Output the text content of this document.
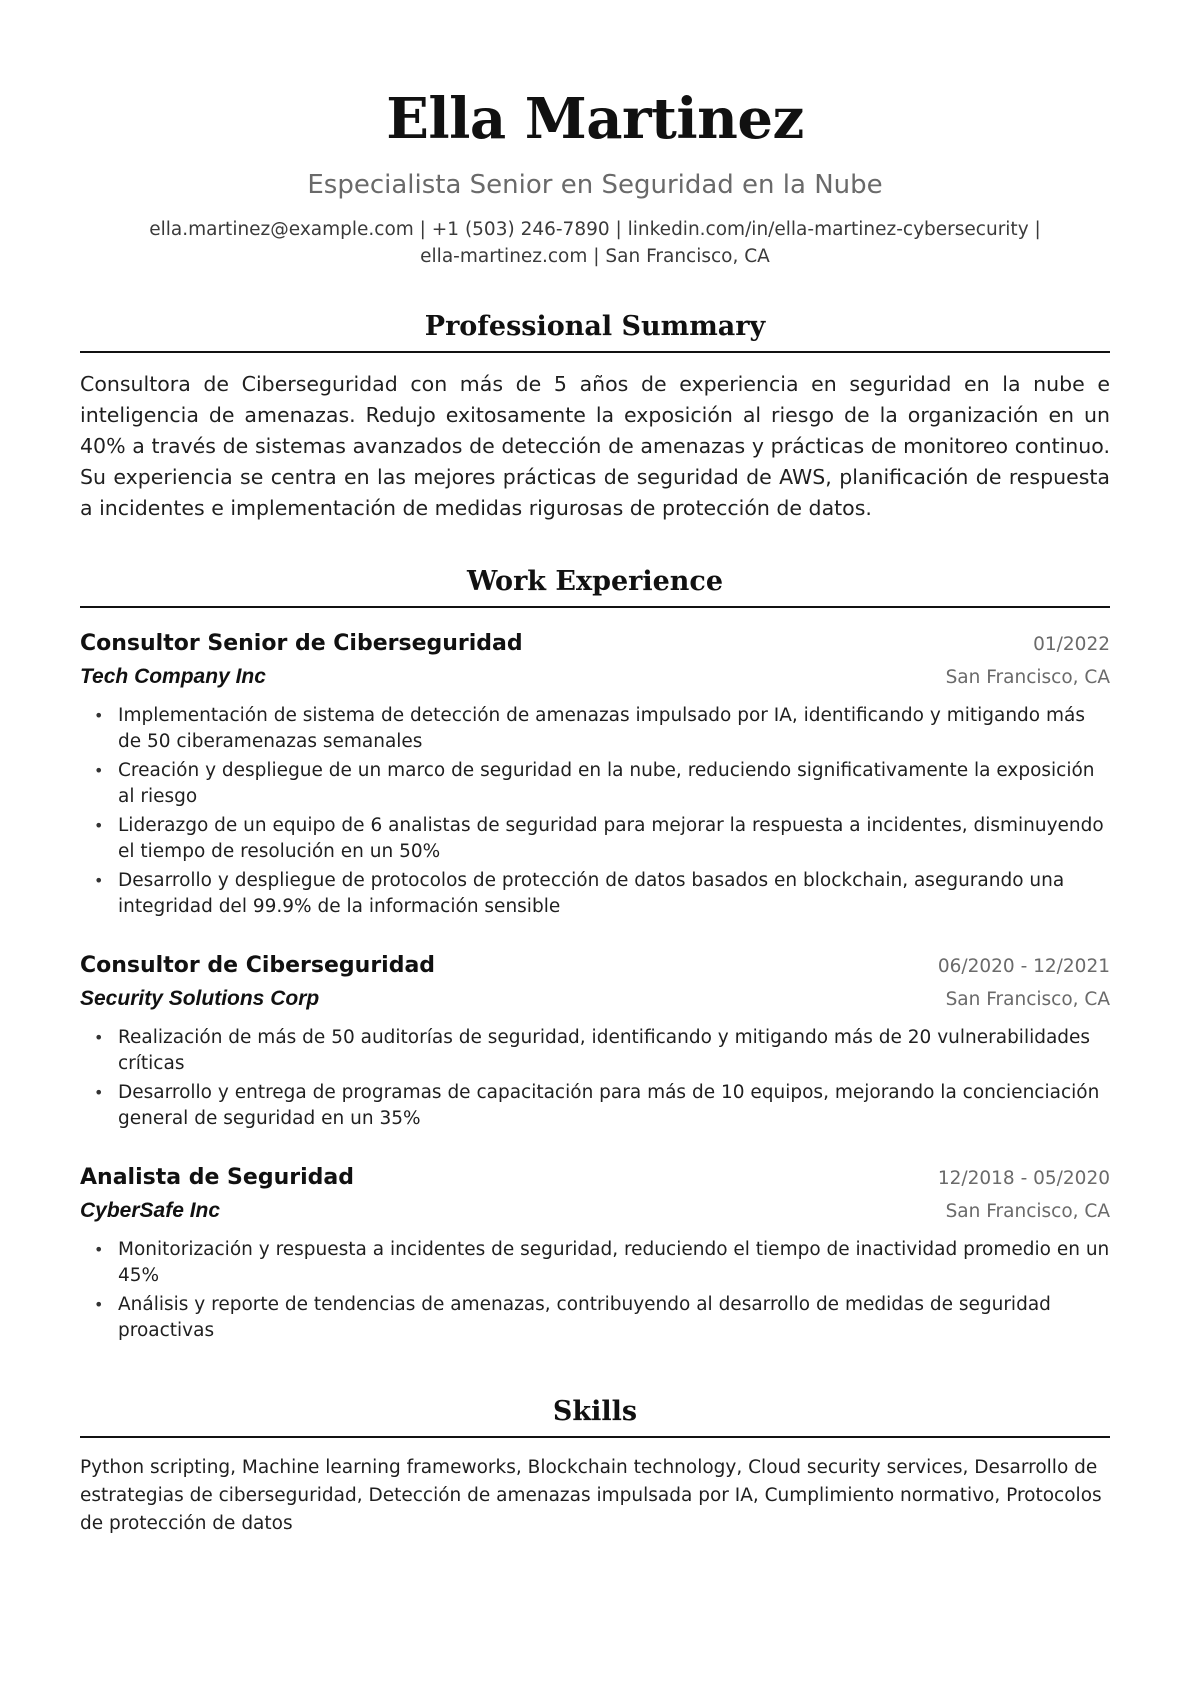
Ella Martinez
Especialista Senior en Seguridad en la Nube
ella.martinez@example.com | +1 (503) 246-7890 | linkedin.com/in/ella-martinez-cybersecurity |
ella-martinez.com | San Francisco, CA
Professional Summary

Consultora de Ciberseguridad con más de 5 años de experiencia en seguridad en la nube e inteligencia de amenazas. Redujo exitosamente la exposición al riesgo de la organización en un 40% a través de sistemas avanzados de detección de amenazas y prácticas de monitoreo continuo. Su experiencia se centra en las mejores prácticas de seguridad de AWS, planificación de respuesta a incidentes e implementación de medidas rigurosas de protección de datos.

Work Experience
Consultor Senior de Ciberseguridad	01/2022
Tech Company Inc	San Francisco, CA
• Implementación de sistema de detección de amenazas impulsado por IA, identificando y mitigando más de 50 ciberamenazas semanales
• Creación y despliegue de un marco de seguridad en la nube, reduciendo significativamente la exposición al riesgo
• Liderazgo de un equipo de 6 analistas de seguridad para mejorar la respuesta a incidentes, disminuyendo el tiempo de resolución en un 50%
• Desarrollo y despliegue de protocolos de protección de datos basados en blockchain, asegurando una integridad del 99.9% de la información sensible
Consultor de Ciberseguridad	06/2020 - 12/2021
Security Solutions Corp	San Francisco, CA
• Realización de más de 50 auditorías de seguridad, identificando y mitigando más de 20 vulnerabilidades críticas
• Desarrollo y entrega de programas de capacitación para más de 10 equipos, mejorando la concienciación general de seguridad en un 35%
Analista de Seguridad	12/2018 - 05/2020
CyberSafe Inc	San Francisco, CA
• Monitorización y respuesta a incidentes de seguridad, reduciendo el tiempo de inactividad promedio en un 45%
• Análisis y reporte de tendencias de amenazas, contribuyendo al desarrollo de medidas de seguridad proactivas
Skills

Python scripting, Machine learning frameworks, Blockchain technology, Cloud security services, Desarrollo de estrategias de ciberseguridad, Detección de amenazas impulsada por IA, Cumplimiento normativo, Protocolos de protección de datos
